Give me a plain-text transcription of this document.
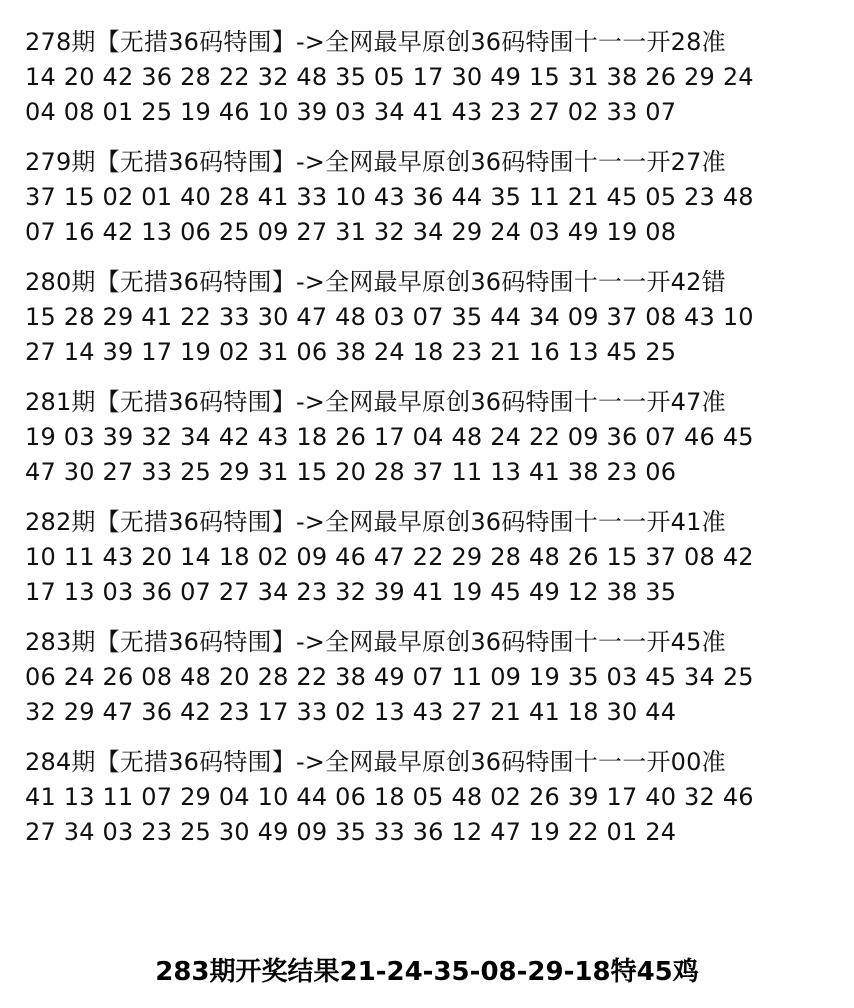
278期【无措36码特围】->全网最早原创36码特围十一一开28准
14 20 42 36 28 22 32 48 35 05 17 30 49 15 31 38 26 29 24
04 08 01 25 19 46 10 39 03 34 41 43 23 27 02 33 07
279期【无措36码特围】->全网最早原创36码特围十一一开27准
37 15 02 01 40 28 41 33 10 43 36 44 35 11 21 45 05 23 48
07 16 42 13 06 25 09 27 31 32 34 29 24 03 49 19 08
280期【无措36码特围】->全网最早原创36码特围十一一开42错
15 28 29 41 22 33 30 47 48 03 07 35 44 34 09 37 08 43 10
27 14 39 17 19 02 31 06 38 24 18 23 21 16 13 45 25
281期【无措36码特围】->全网最早原创36码特围十一一开47准
19 03 39 32 34 42 43 18 26 17 04 48 24 22 09 36 07 46 45
47 30 27 33 25 29 31 15 20 28 37 11 13 41 38 23 06
282期【无措36码特围】->全网最早原创36码特围十一一开41准
10 11 43 20 14 18 02 09 46 47 22 29 28 48 26 15 37 08 42
17 13 03 36 07 27 34 23 32 39 41 19 45 49 12 38 35
283期【无措36码特围】->全网最早原创36码特围十一一开45准
06 24 26 08 48 20 28 22 38 49 07 11 09 19 35 03 45 34 25
32 29 47 36 42 23 17 33 02 13 43 27 21 41 18 30 44
284期【无措36码特围】->全网最早原创36码特围十一一开00准
41 13 11 07 29 04 10 44 06 18 05 48 02 26 39 17 40 32 46
27 34 03 23 25 30 49 09 35 33 36 12 47 19 22 01 24
283期开奖结果21-24-35-08-29-18特45鸡
